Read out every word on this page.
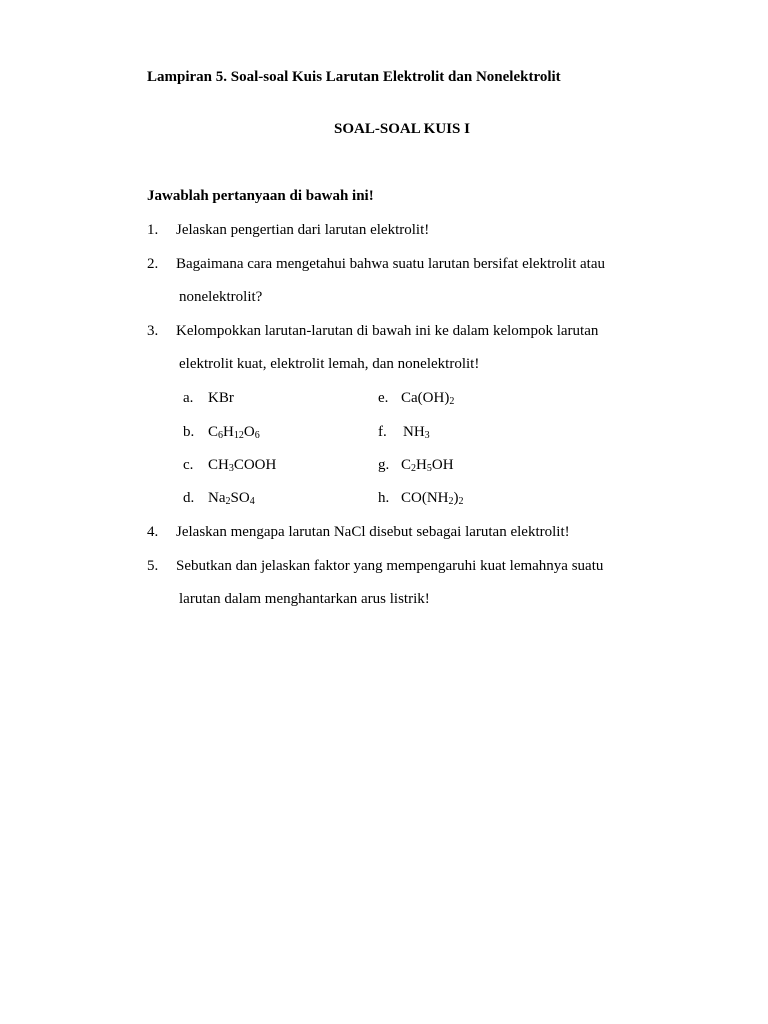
Lampiran 5. Soal-soal Kuis Larutan Elektrolit dan Nonelektrolit
SOAL-SOAL KUIS I
Jawablah pertanyaan di bawah ini!
1. Jelaskan pengertian dari larutan elektrolit!
2. Bagaimana cara mengetahui bahwa suatu larutan bersifat elektrolit atau
nonelektrolit?
3. Kelompokkan larutan-larutan di bawah ini ke dalam kelompok larutan
elektrolit kuat, elektrolit lemah, dan nonelektrolit!
a. KBr
b. $C_6H_{12}O_6$
c. $CH_3COOH$
d. $Na_2SO_4$
e. $Ca(OH)_2$
f. $NH_3$
g. $C_2H_5OH$
h. $CO(NH_2)_2$
4. Jelaskan mengapa larutan NaCl disebut sebagai larutan elektrolit!
5. Sebutkan dan jelaskan faktor yang mempengaruhi kuat lemahnya suatu
larutan dalam menghantarkan arus listrik!
